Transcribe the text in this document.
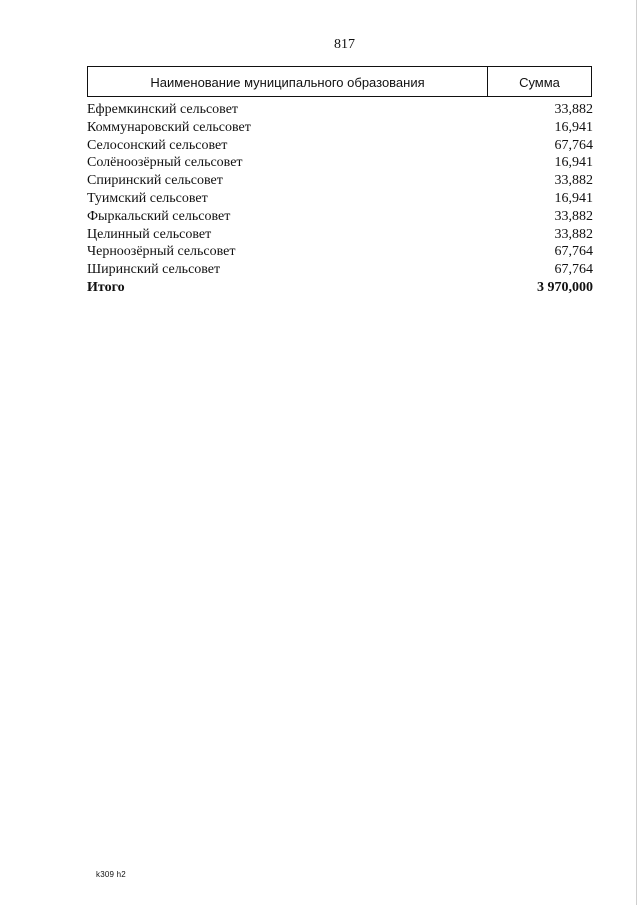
817
Наименование муниципального образования	Сумма
Ефремкинский сельсовет	33,882
Коммунаровский сельсовет	16,941
Селосонский сельсовет	67,764
Солёноозёрный сельсовет	16,941
Спиринский сельсовет	33,882
Туимский сельсовет	16,941
Фыркальский сельсовет	33,882
Целинный сельсовет	33,882
Черноозёрный сельсовет	67,764
Ширинский сельсовет	67,764
Итого	3 970,000
k309 h2
